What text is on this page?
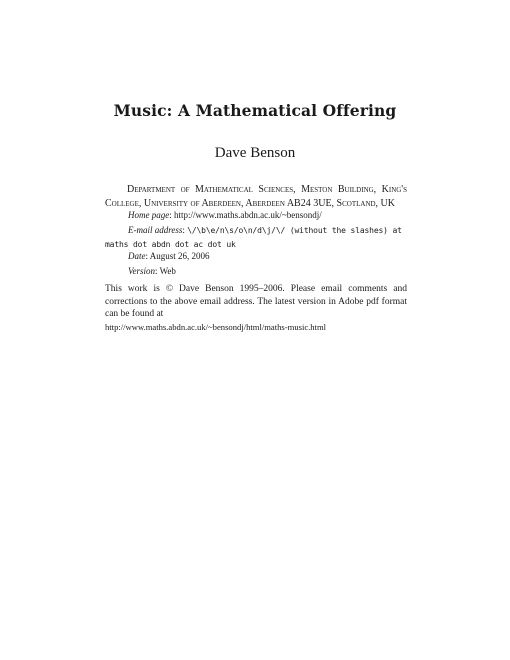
Music: A Mathematical Offering
Dave Benson
Department of Mathematical Sciences, Meston Building, King's College, University of Aberdeen, Aberdeen AB24 3UE, Scotland, UK
Home page: http://www.maths.abdn.ac.uk/~bensondj/
E-mail address: \/\b\e/n\s/o\n/d\j/\/ (without the slashes) at maths dot abdn dot ac dot uk
Date: August 26, 2006
Version: Web
This work is © Dave Benson 1995–2006. Please email comments and corrections to the above email address. The latest version in Adobe pdf format can be found at
http://www.maths.abdn.ac.uk/~bensondj/html/maths-music.html
